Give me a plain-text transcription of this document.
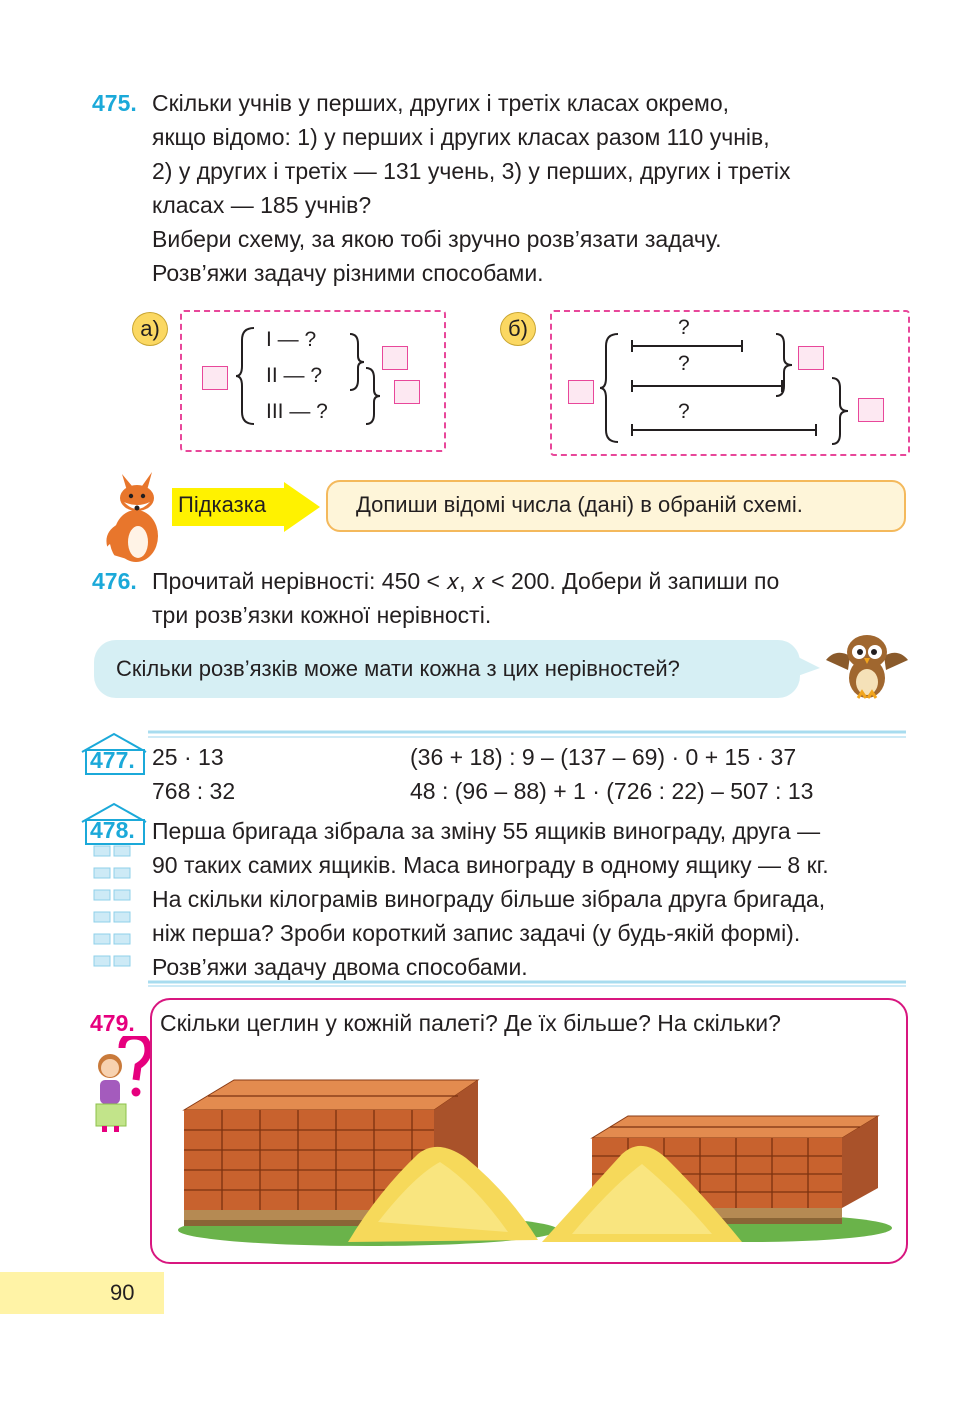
475. Скільки учнів у перших, других і третіх класах окремо,
якщо відомо: 1) у перших і других класах разом 110 учнів,
2) у других і третіх — 131 учень, 3) у перших, других і третіх
класах — 185 учнів?
Вибери схему, за якою тобі зручно розв’язати задачу.
Розв’яжи задачу різними способами.
а)	I — ?
II — ?
III — ?
б)	?
?
?
Підказка	Допиши відомі числа (дані) в обраній схемі.
476. Прочитай нерівності: 450 < 𝑥, 𝑥 < 200. Добери й запиши по
три розв’язки кожної нерівності.
Скільки розв’язків може мати кожна з цих нерівностей?
477. 25 · 13	(36 + 18) : 9 – (137 – 69) · 0 + 15 · 37
768 : 32	48 : (96 – 88) + 1 · (726 : 22) – 507 : 13
478. Перша бригада зібрала за зміну 55 ящиків винограду, друга —
90 таких самих ящиків. Маса винограду в одному ящику — 8 кг.
На скільки кілограмів винограду більше зібрала друга бригада,
ніж перша? Зроби короткий запис задачі (у будь-якій формі).
Розв’яжи задачу двома способами.
479. Скільки цеглин у кожній палеті? Де їх більше? На скільки?
90
